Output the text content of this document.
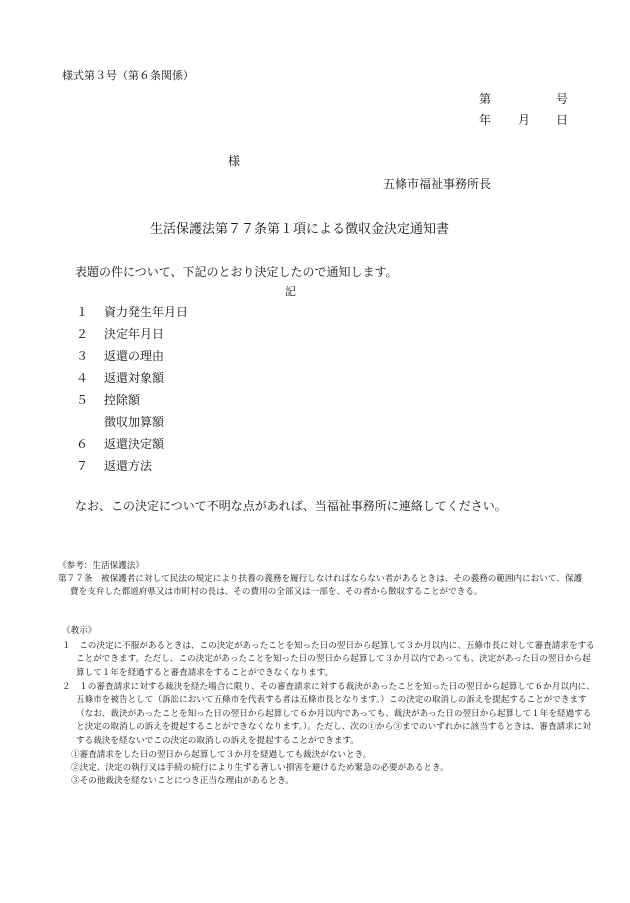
様式第３号（第６条関係）
第	号
年 月 日
様
五條市福祉事務所長
生活保護法第７７条第１項による徴収金決定通知書
表題の件について、下記のとおり決定したので通知します。
記
１ 資力発生年月日
２ 決定年月日
３ 返還の理由
４ 返還対象額
５ 控除額
徴収加算額
６ 返還決定額
７ 返還方法
なお、この決定について不明な点があれば、当福祉事務所に連絡してください。
《参考：生活保護法》
第７７条　被保護者に対して民法の規定により扶養の義務を履行しなければならない者があるときは、その義務の範囲内において、保護費を支弁した都道府県又は市町村の長は、その費用の全部又は一部を、その者から徴収することができる。
《教示》
１　この決定に不服があるときは、この決定があったことを知った日の翌日から起算して３か月以内に、五條市長に対して審査請求をすることができます。ただし、この決定があったことを知った日の翌日から起算して３か月以内であっても、決定があった日の翌日から起算して１年を経過すると審査請求をすることができなくなります。
２　１の審査請求に対する裁決を経た場合に限り、その審査請求に対する裁決があったことを知った日の翌日から起算して６か月以内に、五條市を被告として（訴訟において五條市を代表する者は五條市長となります。）この決定の取消しの訴えを提起することができます（なお、裁決があったことを知った日の翌日から起算して６か月以内であっても、裁決があった日の翌日から起算して１年を経過すると決定の取消しの訴えを提起することができなくなります。）。ただし、次の①から③までのいずれかに該当するときは、審査請求に対する裁決を経ないでこの決定の取消しの訴えを提起することができます。
①審査請求をした日の翌日から起算して３か月を経過しても裁決がないとき。
②決定、決定の執行又は手続の続行により生ずる著しい損害を避けるため緊急の必要があるとき。
③その他裁決を経ないことにつき正当な理由があるとき。
